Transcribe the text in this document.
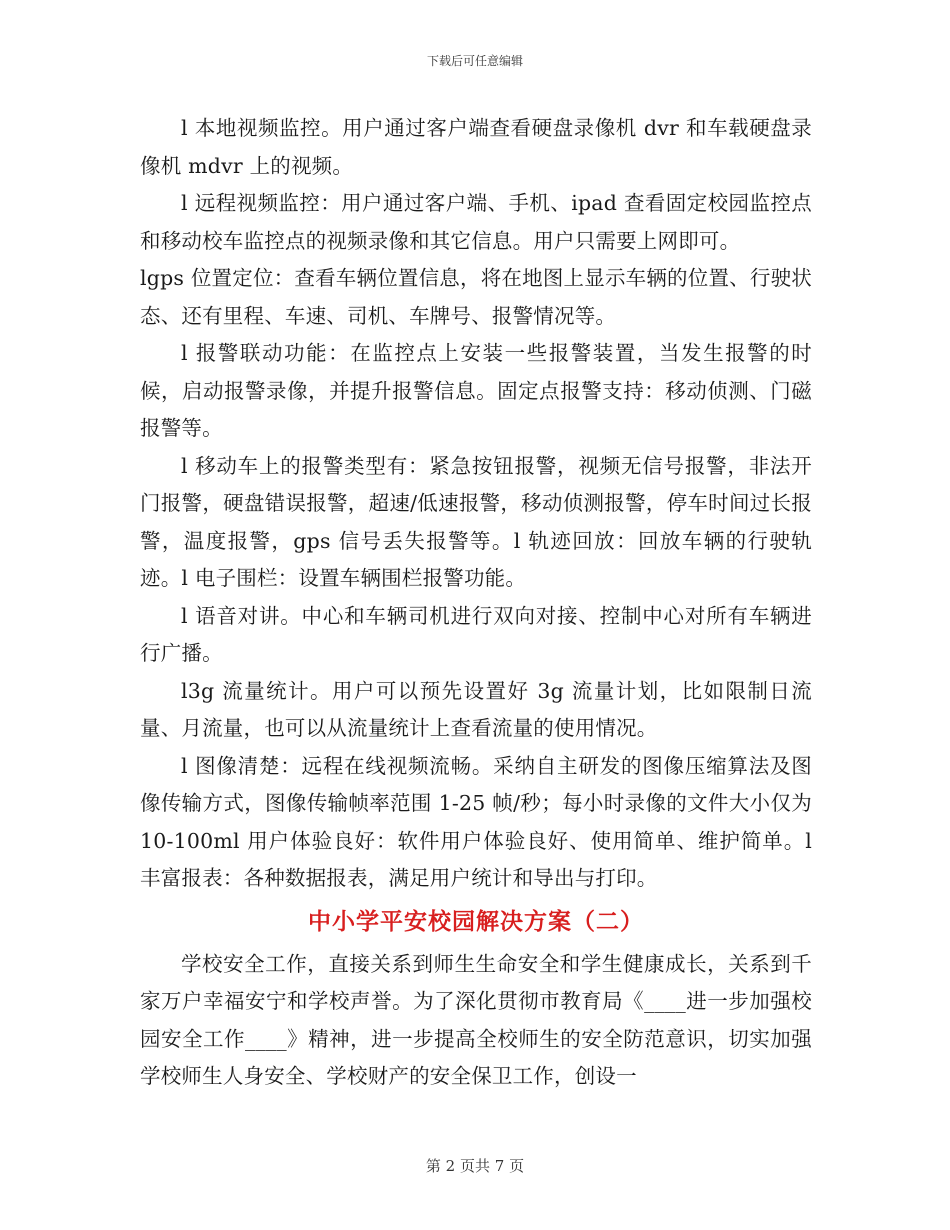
下载后可任意编辑

l 本地视频监控。用户通过客户端查看硬盘录像机 dvr 和车载硬盘录像机 mdvr 上的视频。

l 远程视频监控：用户通过客户端、手机、ipad 查看固定校园监控点和移动校车监控点的视频录像和其它信息。用户只需要上网即可。

lgps 位置定位：查看车辆位置信息，将在地图上显示车辆的位置、行驶状态、还有里程、车速、司机、车牌号、报警情况等。

l 报警联动功能：在监控点上安装一些报警装置，当发生报警的时候，启动报警录像，并提升报警信息。固定点报警支持：移动侦测、门磁报警等。

l 移动车上的报警类型有：紧急按钮报警，视频无信号报警，非法开门报警，硬盘错误报警，超速/低速报警，移动侦测报警，停车时间过长报警，温度报警，gps 信号丢失报警等。l 轨迹回放：回放车辆的行驶轨迹。l 电子围栏：设置车辆围栏报警功能。

l 语音对讲。中心和车辆司机进行双向对接、控制中心对所有车辆进行广播。

l3g 流量统计。用户可以预先设置好 3g 流量计划，比如限制日流量、月流量，也可以从流量统计上查看流量的使用情况。

l 图像清楚：远程在线视频流畅。采纳自主研发的图像压缩算法及图像传输方式，图像传输帧率范围 1-25 帧/秒；每小时录像的文件大小仅为 10-100ml 用户体验良好：软件用户体验良好、使用简单、维护简单。l 丰富报表：各种数据报表，满足用户统计和导出与打印。

中小学平安校园解决方案（二）

学校安全工作，直接关系到师生生命安全和学生健康成长，关系到千家万户幸福安宁和学校声誉。为了深化贯彻市教育局《____进一步加强校园安全工作____》精神，进一步提高全校师生的安全防范意识，切实加强学校师生人身安全、学校财产的安全保卫工作，创设一

第 2 页共 7 页
